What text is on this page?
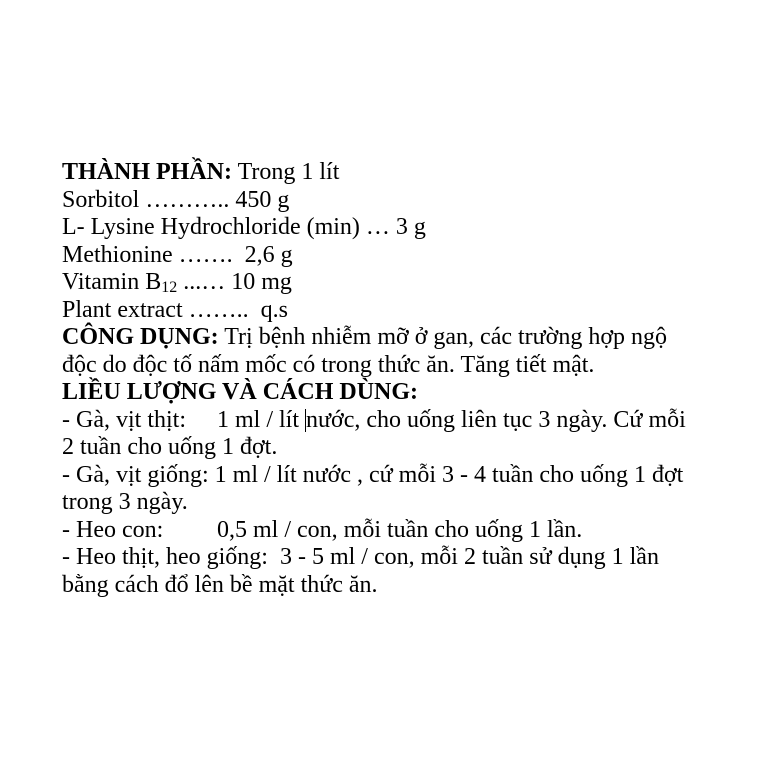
THÀNH PHẦN: Trong 1 lít
Sorbitol ……….. 450 g
L- Lysine Hydrochloride (min) … 3 g
Methionine …….  2,6 g
Vitamin B12 ...… 10 mg
Plant extract ……..  q.s
CÔNG DỤNG: Trị bệnh nhiễm mỡ ở gan, các trường hợp ngộ
độc do độc tố nấm mốc có trong thức ăn. Tăng tiết mật.
LIỀU LƯỢNG VÀ CÁCH DÙNG:
- Gà, vịt thịt: 1 ml / lít nước, cho uống liên tục 3 ngày. Cứ mỗi
2 tuần cho uống 1 đợt.
- Gà, vịt giống: 1 ml / lít nước , cứ mỗi 3 - 4 tuần cho uống 1 đợt
trong 3 ngày.
- Heo con: 0,5 ml / con, mỗi tuần cho uống 1 lần.
- Heo thịt, heo giống:  3 - 5 ml / con, mỗi 2 tuần sử dụng 1 lần
bằng cách đổ lên bề mặt thức ăn.
